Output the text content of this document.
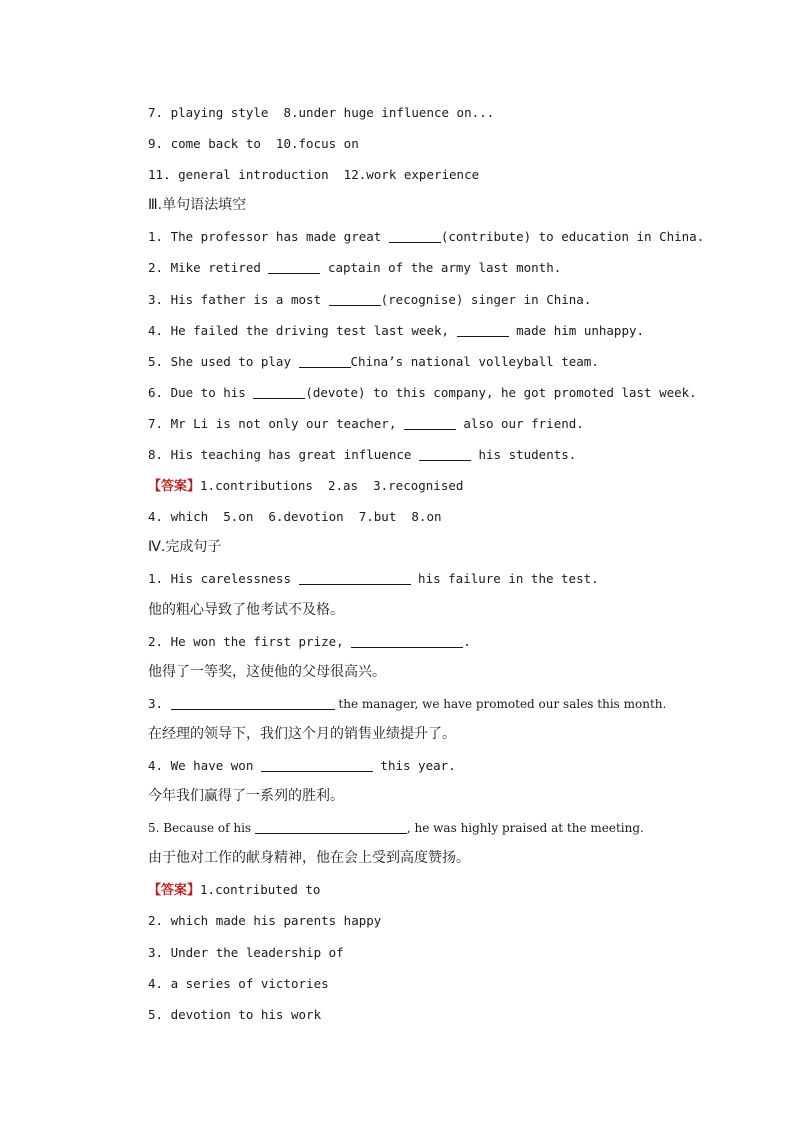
7. playing style  8.under huge influence on...
9. come back to  10.focus on
11. general introduction  12.work experience
Ⅲ.单句语法填空
1. The professor has made great	(contribute) to education in China.
2. Mike retired	captain of the army last month.
3. His father is a most	(recognise) singer in China.
4. He failed the driving test last week,	made him unhappy.
5. She used to play	China’s national volleyball team.
6. Due to his	(devote) to this company, he got promoted last week.
7. Mr Li is not only our teacher,	also our friend.
8. His teaching has great influence	his students.
【答案】1.contributions  2.as  3.recognised
4. which  5.on  6.devotion  7.but  8.on
Ⅳ.完成句子
1. His carelessness	his failure in the test.
他的粗心导致了他考试不及格。
2. He won the first prize,	.
他得了一等奖，这使他的父母很高兴。
3.	the manager, we have promoted our sales this month.
在经理的领导下，我们这个月的销售业绩提升了。
4. We have won	this year.
今年我们赢得了一系列的胜利。
5. Because of his	, he was highly praised at the meeting.
由于他对工作的献身精神，他在会上受到高度赞扬。
【答案】1.contributed to
2. which made his parents happy
3. Under the leadership of
4. a series of victories
5. devotion to his work
